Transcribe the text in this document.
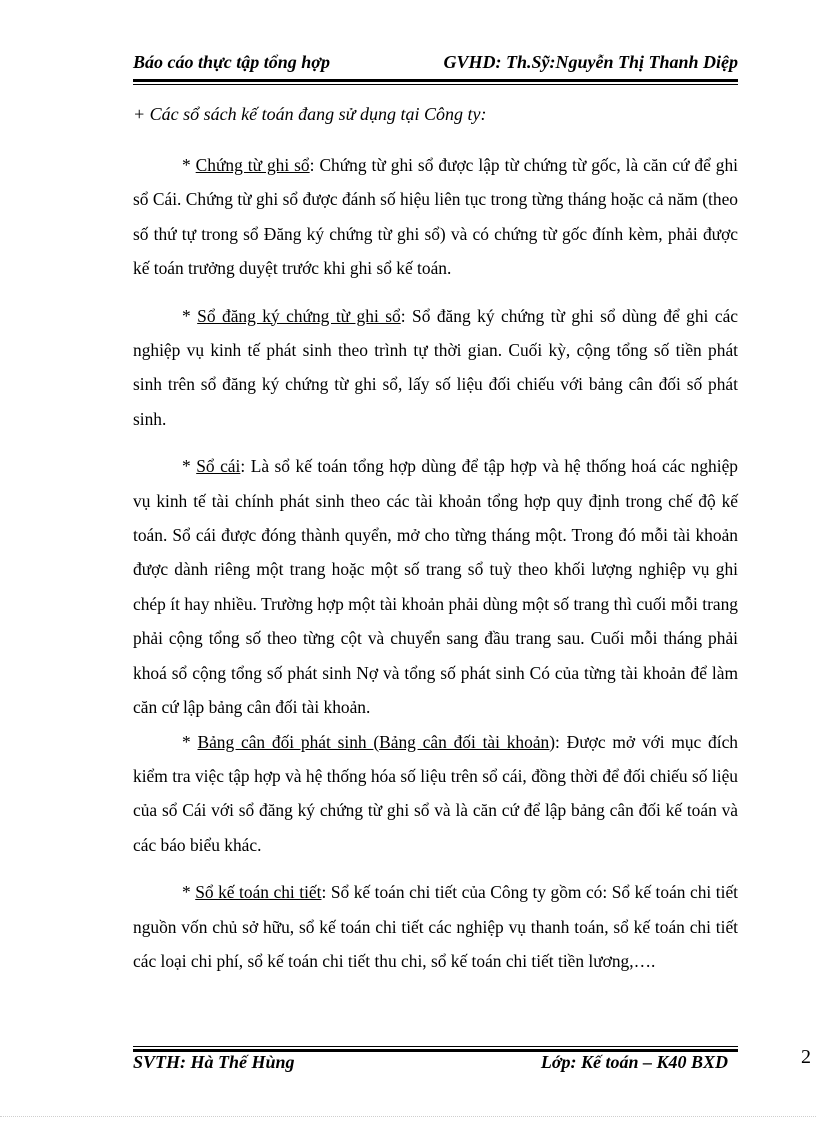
Báo cáo thực tập tổng hợp	GVHD: Th.Sỹ:Nguyễn Thị Thanh Diệp
+ Các sổ sách kế toán đang sử dụng tại Công ty:

* Chứng từ ghi sổ: Chứng từ ghi sổ được lập từ chứng từ gốc, là căn cứ để ghi sổ Cái. Chứng từ ghi sổ được đánh số hiệu liên tục trong từng tháng hoặc cả năm (theo số thứ tự trong sổ Đăng ký chứng từ ghi sổ) và có chứng từ gốc đính kèm, phải được kế toán trưởng duyệt trước khi ghi sổ kế toán.

* Sổ đăng ký chứng từ ghi sổ: Sổ đăng ký chứng từ ghi sổ dùng để ghi các nghiệp vụ kinh tế phát sinh theo trình tự thời gian. Cuối kỳ, cộng tổng số tiền phát sinh trên sổ đăng ký chứng từ ghi sổ, lấy số liệu đối chiếu với bảng cân đối số phát sinh.

* Sổ cái: Là sổ kế toán tổng hợp dùng để tập hợp và hệ thống hoá các nghiệp vụ kinh tế tài chính phát sinh theo các tài khoản tổng hợp quy định trong chế độ kế toán. Sổ cái được đóng thành quyển, mở cho từng tháng một. Trong đó mỗi tài khoản được dành riêng một trang hoặc một số trang sổ tuỳ theo khối lượng nghiệp vụ ghi chép ít hay nhiều. Trường hợp một tài khoản phải dùng một số trang thì cuối mỗi trang phải cộng tổng số theo từng cột và chuyển sang đầu trang sau. Cuối mỗi tháng phải khoá sổ cộng tổng số phát sinh Nợ và tổng số phát sinh Có của từng tài khoản để làm căn cứ lập bảng cân đối tài khoản.

* Bảng cân đối phát sinh (Bảng cân đối tài khoản): Được mở với mục đích kiểm tra việc tập hợp và hệ thống hóa số liệu trên sổ cái, đồng thời để đối chiếu số liệu của sổ Cái với sổ đăng ký chứng từ ghi sổ và là căn cứ để lập bảng cân đối kế toán và các báo biểu khác.

* Sổ kế toán chi tiết: Sổ kế toán chi tiết của Công ty gồm có: Sổ kế toán chi tiết nguồn vốn chủ sở hữu, sổ kế toán chi tiết các nghiệp vụ thanh toán, sổ kế toán chi tiết các loại chi phí, sổ kế toán chi tiết thu chi, sổ kế toán chi tiết tiền lương,….

SVTH: Hà Thế Hùng	Lớp: Kế toán – K40 BXD	2
